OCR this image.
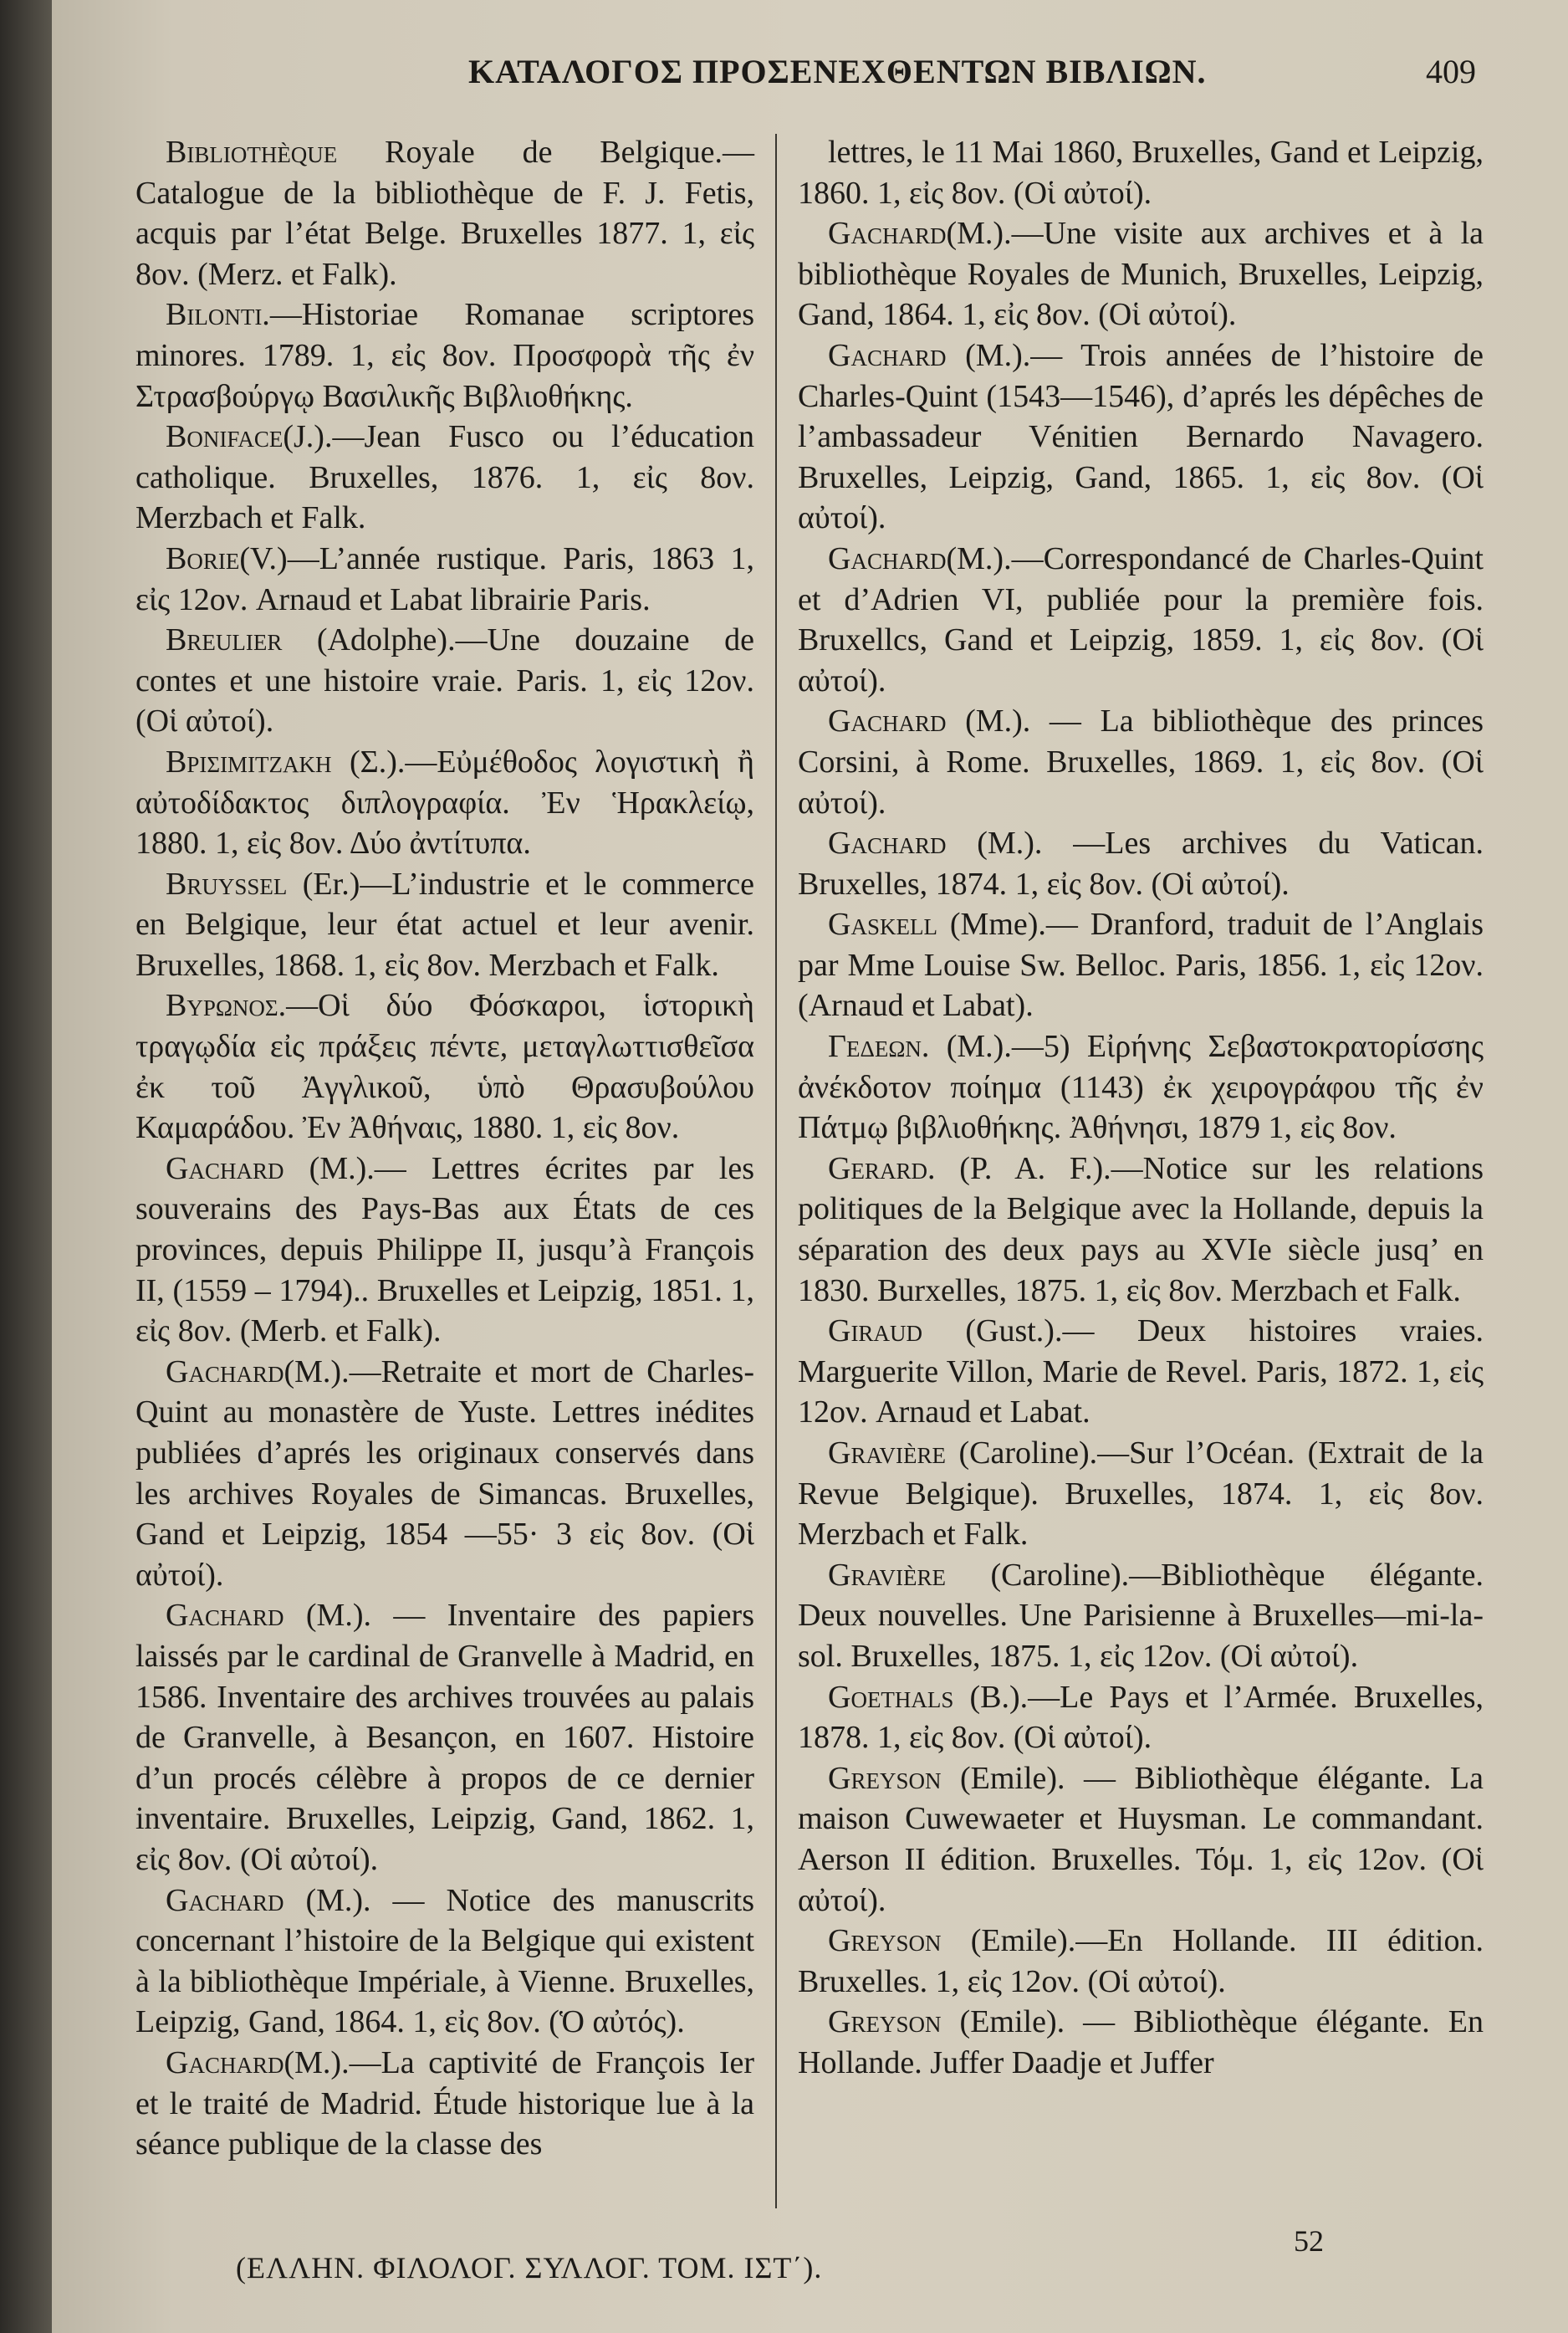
ΚΑΤΑΛΟΓΟΣ ΠΡΟΣΕΝΕΧΘΕΝΤΩΝ ΒΙΒΛΙΩΝ.	409

Bibliothèque Royale de Belgique.—Catalogue de la bibliothèque de F. J. Fetis, acquis par l’état Belge. Bruxelles 1877. 1, εἰς 8ον. (Merz. et Falk).

Bilonti.—Historiae Romanae scriptores minores. 1789. 1, εἰς 8ον. Προσφορὰ τῆς ἐν Στρασβούργῳ Βασιλικῆς Βιβλιοθήκης.

Boniface(J.).—Jean Fusco ou l’éducation catholique. Bruxelles, 1876. 1, εἰς 8ον. Merzbach et Falk.

Borie(V.)—L’année rustique. Paris, 1863 1, εἰς 12ον. Arnaud et Labat librairie Paris.

Breulier (Adolphe).—Une douzaine de contes et une histoire vraie. Paris. 1, εἰς 12ον. (Οἱ αὐτοί).

Βρισιμιτζακη (Σ.).—Εὐμέθοδος λογιστικὴ ἢ αὐτοδίδακτος διπλογραφία. Ἐν Ἡρακλείῳ, 1880. 1, εἰς 8ον. Δύο ἀντίτυπα.

Bruyssel (Er.)—L’industrie et le commerce en Belgique, leur état actuel et leur avenir. Bruxelles, 1868. 1, εἰς 8ον. Merzbach et Falk.

Βυρωνος.—Οἱ δύο Φόσκαροι, ἱστορικὴ τραγῳδία εἰς πράξεις πέντε, μεταγλωττισθεῖσα ἐκ τοῦ Ἀγγλικοῦ, ὑπὸ Θρασυβούλου Καμαράδου. Ἐν Ἀθήναις, 1880. 1, εἰς 8ον.

Gachard (M.).— Lettres écrites par les souverains des Pays-Bas aux États de ces provinces, depuis Philippe II, jusqu’à François II, (1559 – 1794).. Bruxelles et Leipzig, 1851. 1, εἰς 8ον. (Merb. et Falk).

Gachard(M.).—Retraite et mort de Charles-Quint au monastère de Yuste. Lettres inédites publiées d’aprés les originaux conservés dans les archives Royales de Simancas. Bruxelles, Gand et Leipzig, 1854 —55· 3 εἰς 8ον. (Οἱ αὐτοί).

Gachard (M.). — Inventaire des papiers laissés par le cardinal de Granvelle à Madrid, en 1586. Inventaire des archives trouvées au palais de Granvelle, à Besançon, en 1607. Histoire d’un procés célèbre à propos de ce dernier inventaire. Bruxelles, Leipzig, Gand, 1862. 1, εἰς 8ον. (Οἱ αὐτοί).

Gachard (M.). — Notice des manuscrits concernant l’histoire de la Belgique qui existent à la bibliothèque Impériale, à Vienne. Bruxelles, Leipzig, Gand, 1864. 1, εἰς 8ον. (Ὁ αὐτός).

Gachard(M.).—La captivité de François Ier et le traité de Madrid. Étude historique lue à la séance publique de la classe des

lettres, le 11 Mai 1860, Bruxelles, Gand et Leipzig, 1860. 1, εἰς 8ον. (Οἱ αὐτοί).

Gachard(M.).—Une visite aux archives et à la bibliothèque Royales de Munich, Bruxelles, Leipzig, Gand, 1864. 1, εἰς 8ον. (Οἱ αὐτοί).

Gachard (M.).— Trois années de l’histoire de Charles-Quint (1543—1546), d’aprés les dépêches de l’ambassadeur Vénitien Bernardo Navagero. Bruxelles, Leipzig, Gand, 1865. 1, εἰς 8ον. (Οἱ αὐτοί).

Gachard(M.).—Correspondancé de Charles-Quint et d’Adrien VI, publiée pour la première fois. Bruxellcs, Gand et Leipzig, 1859. 1, εἰς 8ον. (Οἱ αὐτοί).

Gachard (M.). — La bibliothèque des princes Corsini, à Rome. Bruxelles, 1869. 1, εἰς 8ον. (Οἱ αὐτοί).

Gachard (M.). —Les archives du Vatican. Bruxelles, 1874. 1, εἰς 8ον. (Οἱ αὐτοί).

Gaskell (Mme).— Dranford, traduit de l’Anglais par Mme Louise Sw. Belloc. Paris, 1856. 1, εἰς 12ον. (Arnaud et Labat).

Γεδεων. (Μ.).—5) Εἰρήνης Σεβαστοκρατορίσσης ἀνέκδοτον ποίημα (1143) ἐκ χειρογράφου τῆς ἐν Πάτμῳ βιβλιοθήκης. Ἀθήνησι, 1879 1, εἰς 8ον.

Gerard. (P. A. F.).—Notice sur les relations politiques de la Belgique avec la Hollande, depuis la séparation des deux pays au XVIe siècle jusq’ en 1830. Burxelles, 1875. 1, εἰς 8ον. Merzbach et Falk.

Giraud (Gust.).— Deux histoires vraies. Marguerite Villon, Marie de Revel. Paris, 1872. 1, εἰς 12ον. Arnaud et Labat.

Gravière (Caroline).—Sur l’Océan. (Extrait de la Revue Belgique). Bruxelles, 1874. 1, εἰς 8ον. Merzbach et Falk.

Gravière (Caroline).—Bibliothèque élégante. Deux nouvelles. Une Parisienne à Bruxelles—mi-la-sol. Bruxelles, 1875. 1, εἰς 12ον. (Οἱ αὐτοί).

Goethals (B.).—Le Pays et l’Armée. Bruxelles, 1878. 1, εἰς 8ον. (Οἱ αὐτοί).

Greyson (Emile). — Bibliothèque élégante. La maison Cuwewaeter et Huysman. Le commandant. Aerson II édition. Bruxelles. Τόμ. 1, εἰς 12ον. (Οἱ αὐτοί).

Greyson (Emile).—En Hollande. III édition. Bruxelles. 1, εἰς 12ον. (Οἱ αὐτοί).

Greyson (Emile). — Bibliothèque élégante. En Hollande. Juffer Daadje et Juffer

(ΕΛΛΗΝ. ΦΙΛΟΛΟΓ. ΣΥΛΛΟΓ. ΤΟΜ. ΙΣΤ΄).
52
